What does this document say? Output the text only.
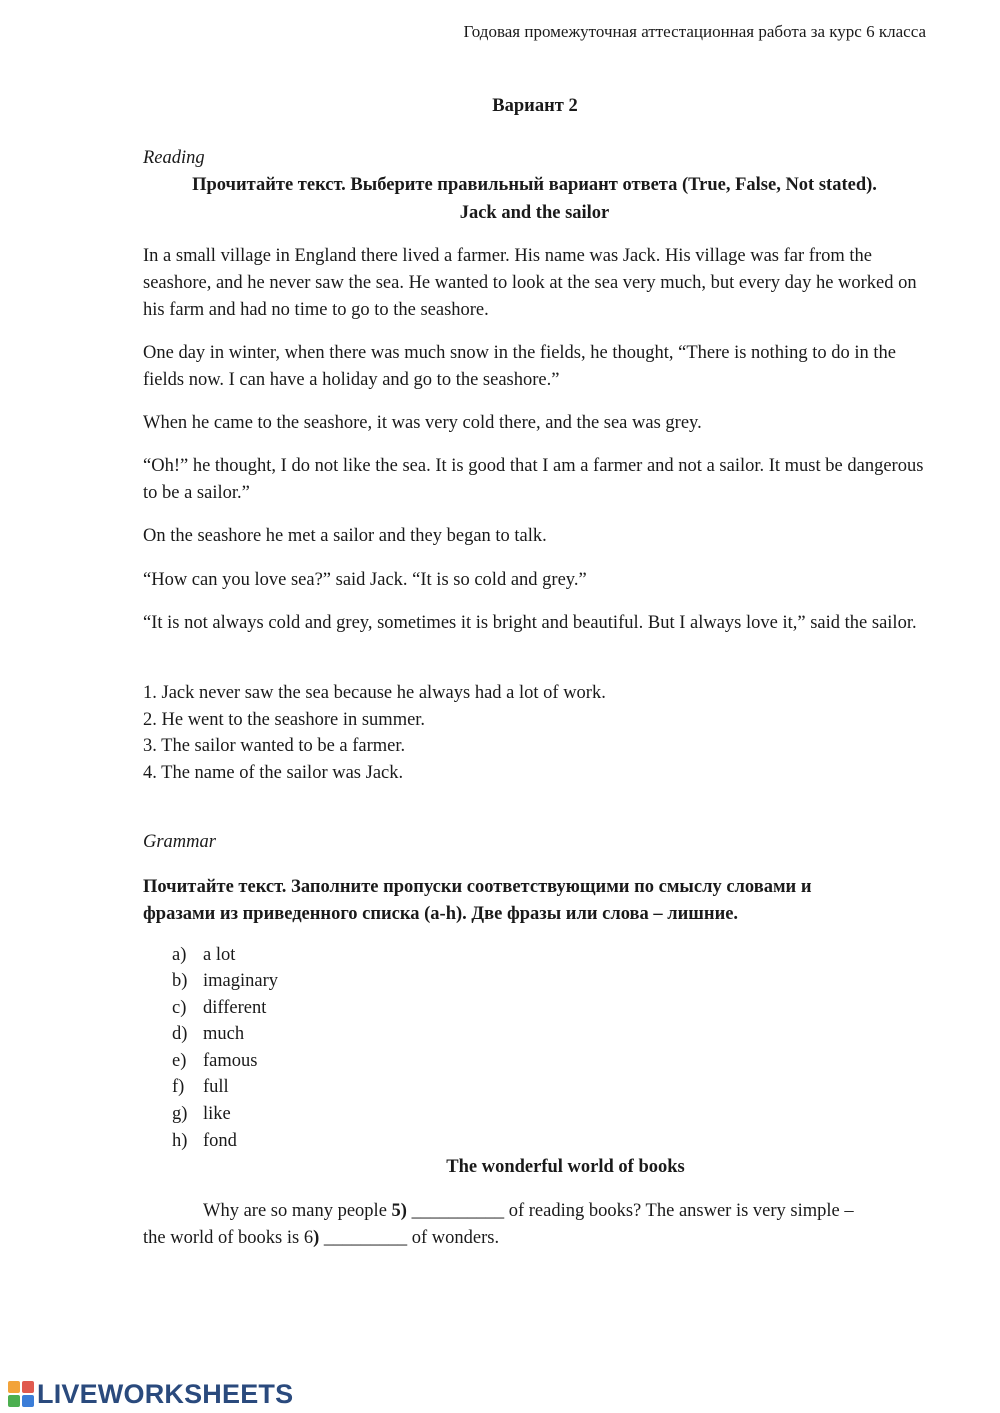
Годовая промежуточная аттестационная работа за курс 6 класса
Вариант 2
Reading
Прочитайте текст. Выберите правильный вариант ответа (True, False, Not stated).
Jack and the sailor

In a small village in England there lived a farmer. His name was Jack. His village was far from the seashore, and he never saw the sea. He wanted to look at the sea very much, but every day he worked on his farm and had no time to go to the seashore.

One day in winter, when there was much snow in the fields, he thought, “There is nothing to do in the fields now. I can have a holiday and go to the seashore.”

When he came to the seashore, it was very cold there, and the sea was grey.

“Oh!” he thought, I do not like the sea. It is good that I am a farmer and not a sailor. It must be dangerous to be a sailor.”

On the seashore he met a sailor and they began to talk.

“How can you love sea?” said Jack. “It is so cold and grey.”

“It is not always cold and grey, sometimes it is bright and beautiful. But I always love it,” said the sailor.

1. Jack never saw the sea because he always had a lot of work.
2. He went to the seashore in summer.
3. The sailor wanted to be a farmer.
4. The name of the sailor was Jack.
Grammar
Почитайте текст. Заполните пропуски соответствующими по смыслу словами и
фразами из приведенного списка (a-h). Две фразы или слова – лишние.
a) a lot
b) imaginary
c) different
d) much
e) famous
f) full
g) like
h) fond
The wonderful world of books
Why are so many people 5) __________ of reading books? The answer is very simple –
the world of books is 6) _________ of wonders.
LIVEWORKSHEETS
